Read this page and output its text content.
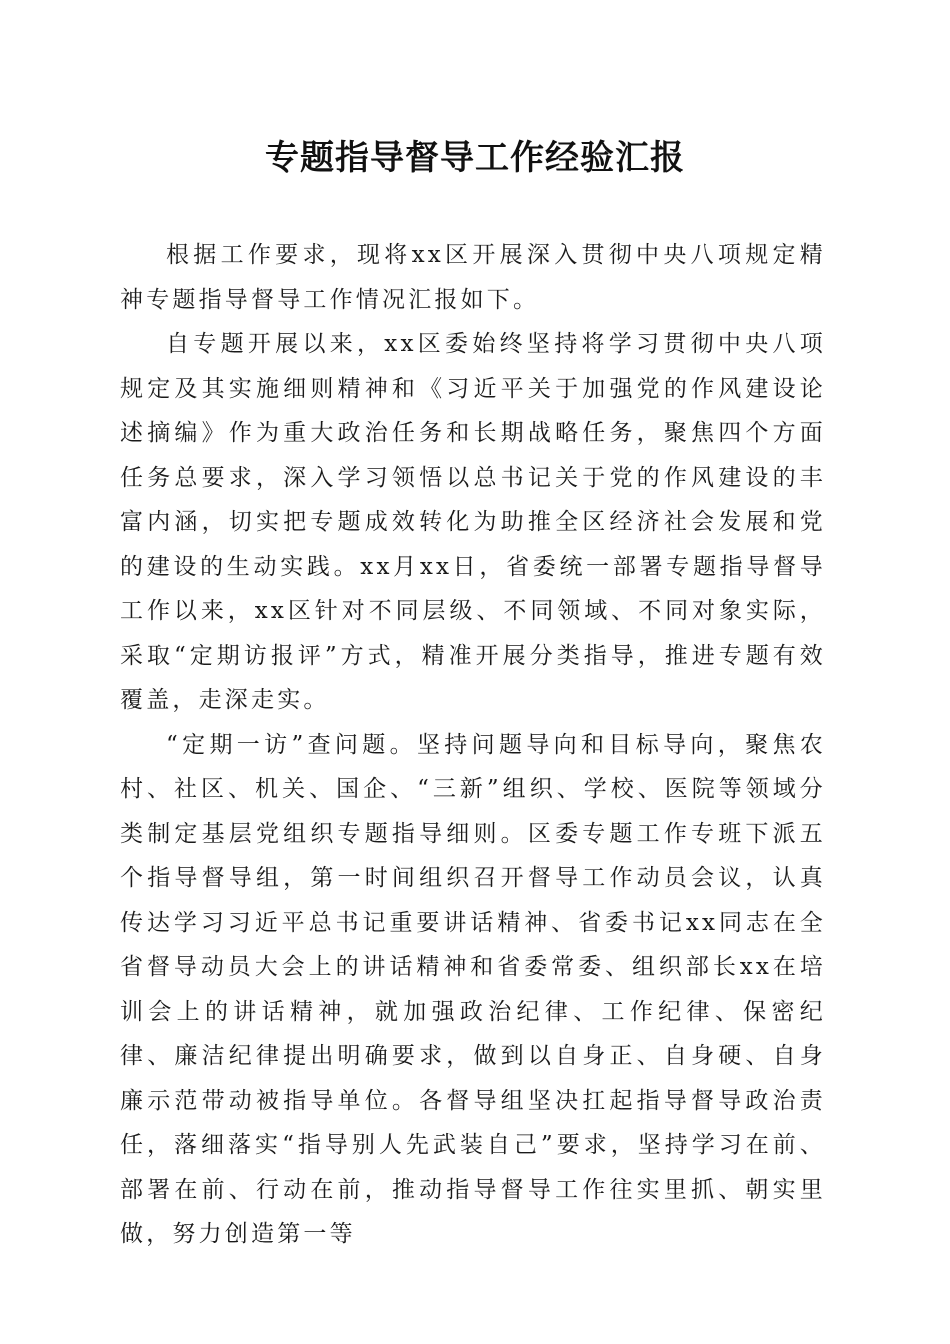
专题指导督导工作经验汇报

根据工作要求，现将xx区开展深入贯彻中央八项规定精神专题指导督导工作情况汇报如下。

自专题开展以来，xx区委始终坚持将学习贯彻中央八项规定及其实施细则精神和《习近平关于加强党的作风建设论述摘编》作为重大政治任务和长期战略任务，聚焦四个方面任务总要求，深入学习领悟以总书记关于党的作风建设的丰富内涵，切实把专题成效转化为助推全区经济社会发展和党的建设的生动实践。xx月xx日，省委统一部署专题指导督导工作以来，xx区针对不同层级、不同领域、不同对象实际，采取“定期访报评”方式，精准开展分类指导，推进专题有效覆盖，走深走实。

“定期一访”查问题。坚持问题导向和目标导向，聚焦农村、社区、机关、国企、“三新”组织、学校、医院等领域分类制定基层党组织专题指导细则。区委专题工作专班下派五个指导督导组，第一时间组织召开督导工作动员会议，认真传达学习习近平总书记重要讲话精神、省委书记xx同志在全省督导动员大会上的讲话精神和省委常委、组织部长xx在培训会上的讲话精神，就加强政治纪律、工作纪律、保密纪律、廉洁纪律提出明确要求，做到以自身正、自身硬、自身廉示范带动被指导单位。各督导组坚决扛起指导督导政治责任，落细落实“指导别人先武装自己”要求，坚持学习在前、部署在前、行动在前，推动指导督导工作往实里抓、朝实里做，努力创造第一等
